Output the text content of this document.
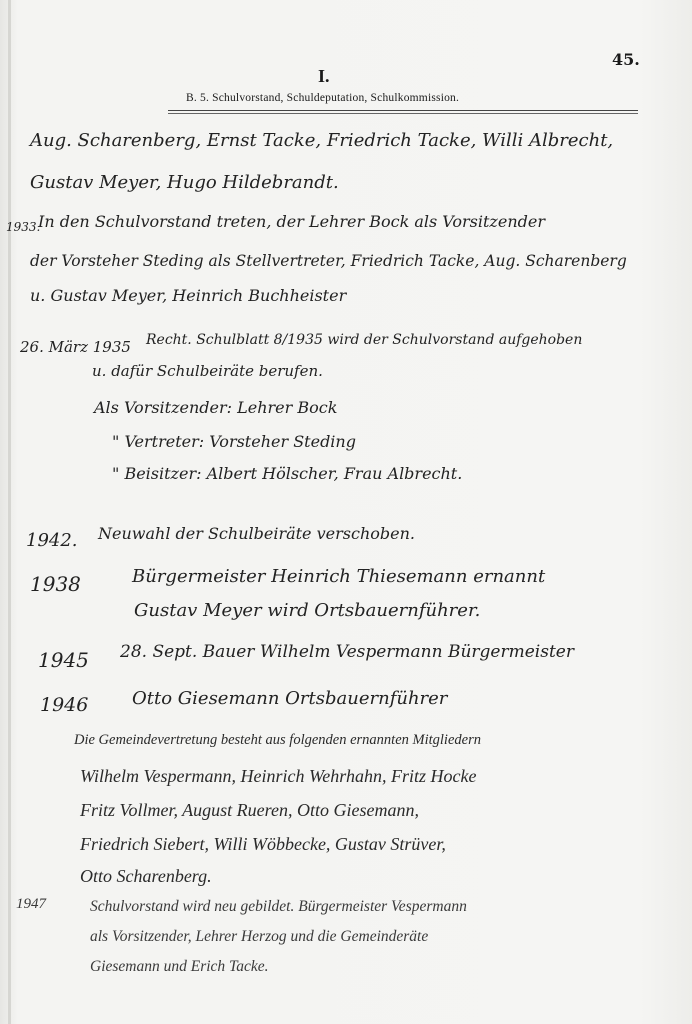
45.
I.
B. 5. Schulvorstand, Schuldeputation, Schulkommission.
Aug. Scharenberg, Ernst Tacke, Friedrich Tacke, Willi Albrecht,
Gustav Meyer, Hugo Hildebrandt.
1933.
In den Schulvorstand treten, der Lehrer Bock als Vorsitzender
der Vorsteher Steding als Stellvertreter, Friedrich Tacke, Aug. Scharenberg
u. Gustav Meyer, Heinrich Buchheister
26. März 1935 Recht. Schulblatt 8/1935 wird der Schulvorstand aufgehoben
u. dafür Schulbeiräte berufen.
Als Vorsitzender: Lehrer Bock
" Vertreter: Vorsteher Steding
" Beisitzer: Albert Hölscher, Frau Albrecht.
1942. Neuwahl der Schulbeiräte verschoben.
1938	Bürgermeister Heinrich Thiesemann ernannt
Gustav Meyer wird Ortsbauernführer.
1945 28. Sept. Bauer Wilhelm Vespermann Bürgermeister
1946 Otto Giesemann Ortsbauernführer
Die Gemeindevertretung besteht aus folgenden ernannten Mitgliedern
Wilhelm Vespermann, Heinrich Wehrhahn, Fritz Hocke
Fritz Vollmer, August Rueren, Otto Giesemann,
Friedrich Siebert, Willi Wöbbecke, Gustav Strüver,
Otto Scharenberg.
1947	Schulvorstand wird neu gebildet. Bürgermeister Vespermann
als Vorsitzender, Lehrer Herzog und die Gemeinderäte
Giesemann und Erich Tacke.
